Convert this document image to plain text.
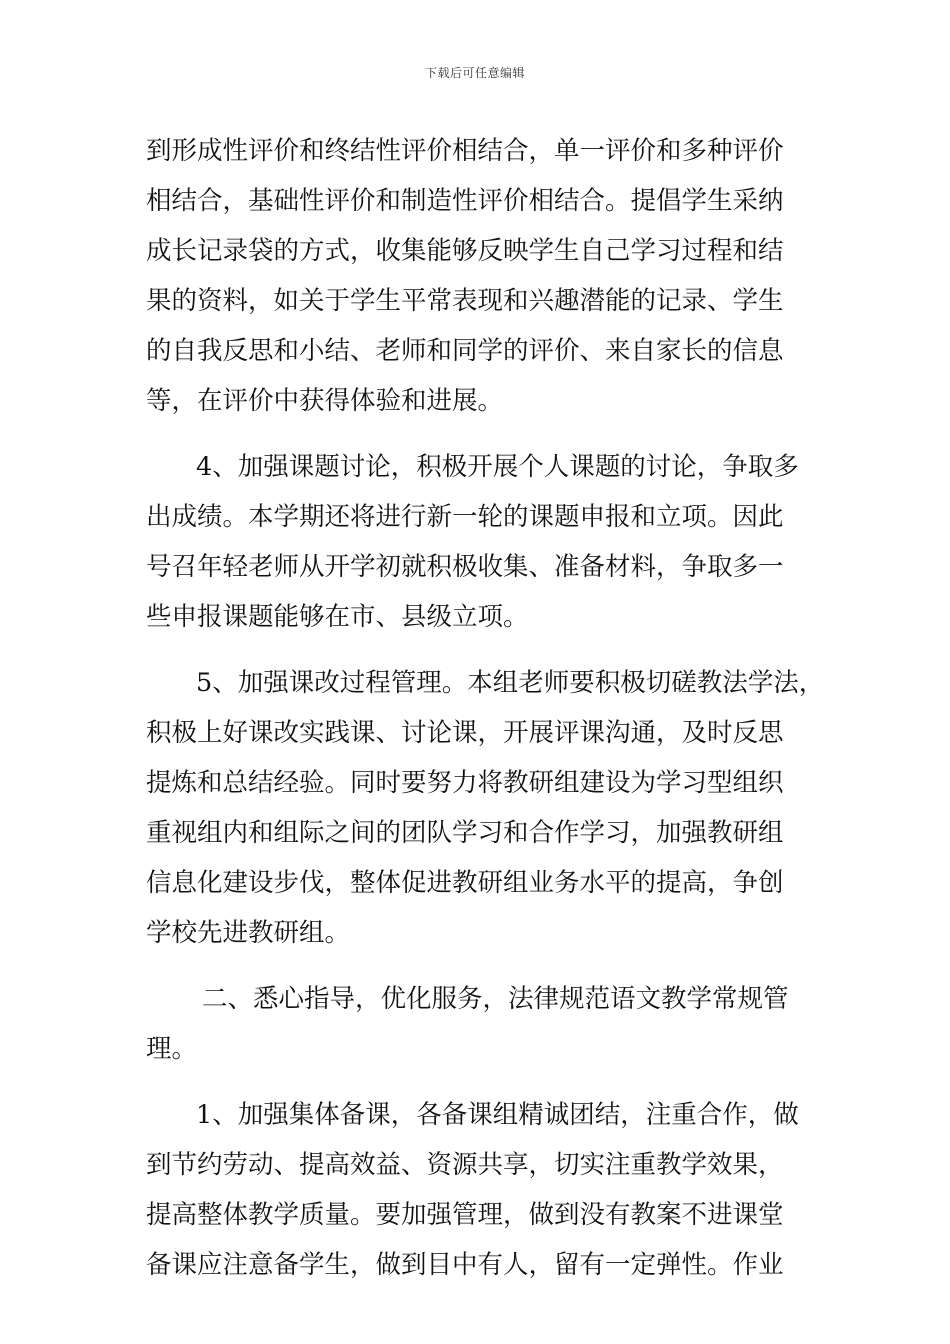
下载后可任意编辑
到形成性评价和终结性评价相结合，单一评价和多种评价
相结合，基础性评价和制造性评价相结合。提倡学生采纳
成长记录袋的方式，收集能够反映学生自己学习过程和结
果的资料，如关于学生平常表现和兴趣潜能的记录、学生
的自我反思和小结、老师和同学的评价、来自家长的信息
等，在评价中获得体验和进展。
4、加强课题讨论，积极开展个人课题的讨论，争取多
出成绩。本学期还将进行新一轮的课题申报和立项。因此
号召年轻老师从开学初就积极收集、准备材料，争取多一
些申报课题能够在市、县级立项。
5、加强课改过程管理。本组老师要积极切磋教法学法，
积极上好课改实践课、讨论课，开展评课沟通，及时反思
提炼和总结经验。同时要努力将教研组建设为学习型组织
重视组内和组际之间的团队学习和合作学习，加强教研组
信息化建设步伐，整体促进教研组业务水平的提高，争创
学校先进教研组。
二、悉心指导，优化服务，法律规范语文教学常规管
理。
1、加强集体备课，各备课组精诚团结，注重合作，做
到节约劳动、提高效益、资源共享，切实注重教学效果，
提高整体教学质量。要加强管理，做到没有教案不进课堂
备课应注意备学生，做到目中有人，留有一定弹性。作业
